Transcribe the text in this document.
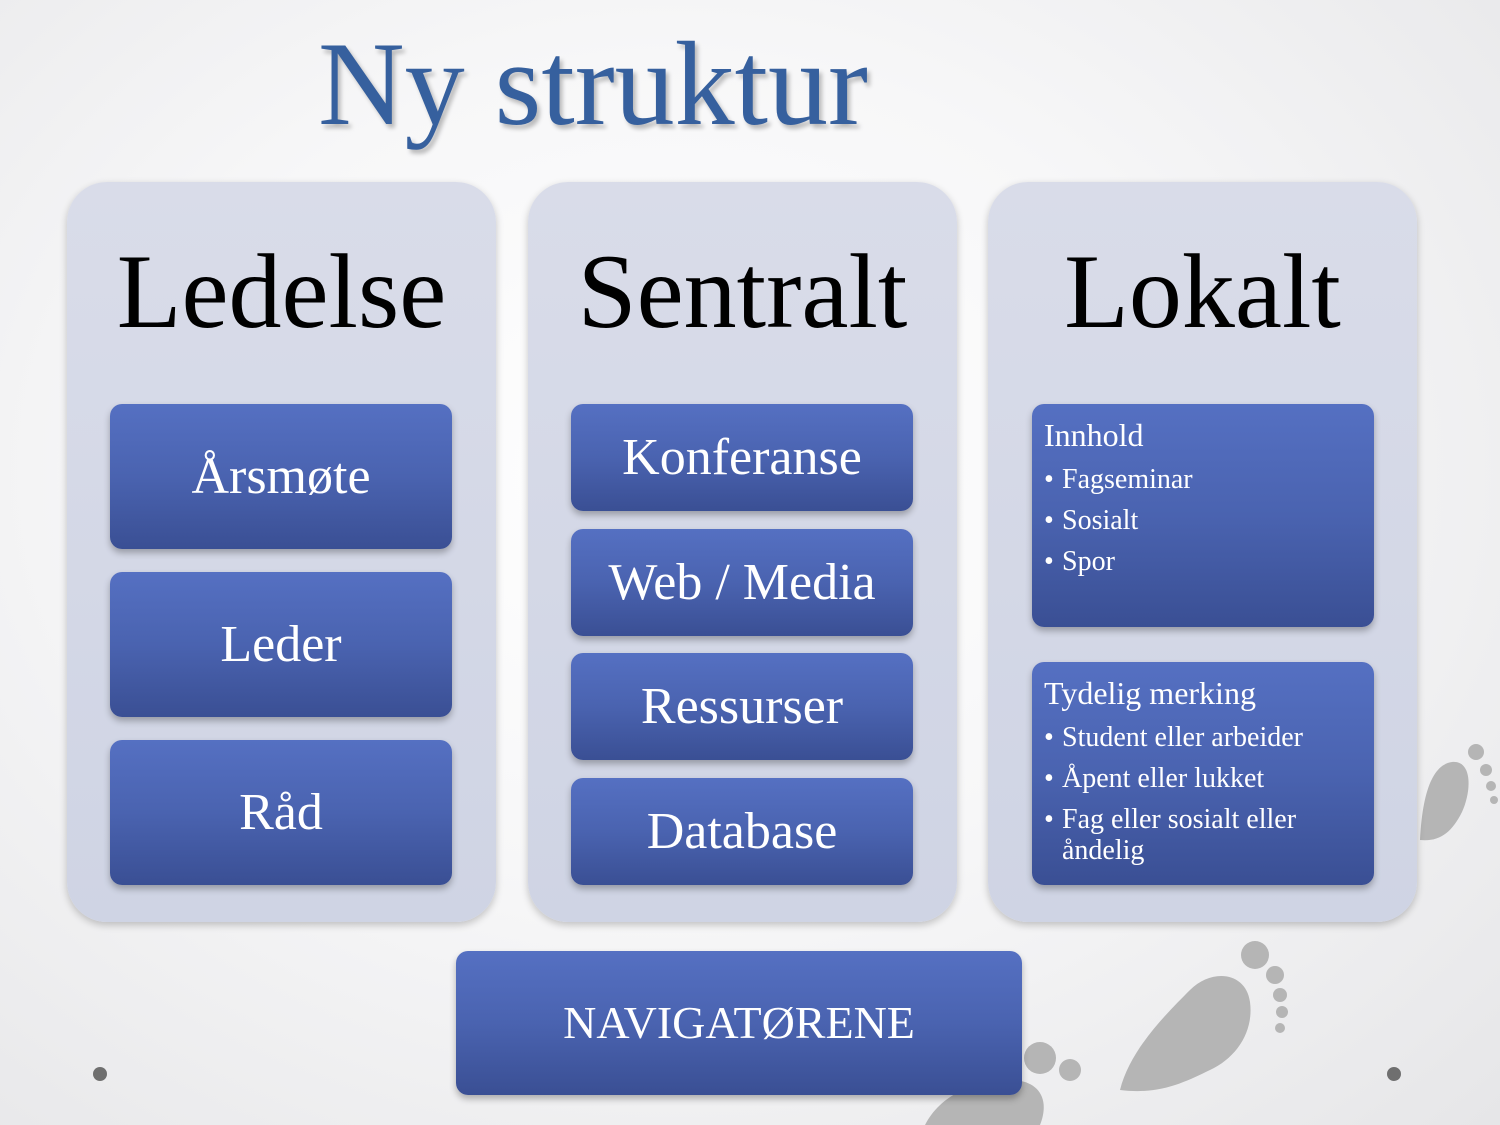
Ny struktur
Ledelse
Årsmøte
Leder
Råd
Sentralt
Konferanse
Web / Media
Ressurser
Database
Lokalt
Innhold
• Fagseminar
• Sosialt
• Spor
Tydelig merking
• Student eller arbeider
• Åpent eller lukket
• Fag eller sosialt eller åndelig
NAVIGATØRENE
